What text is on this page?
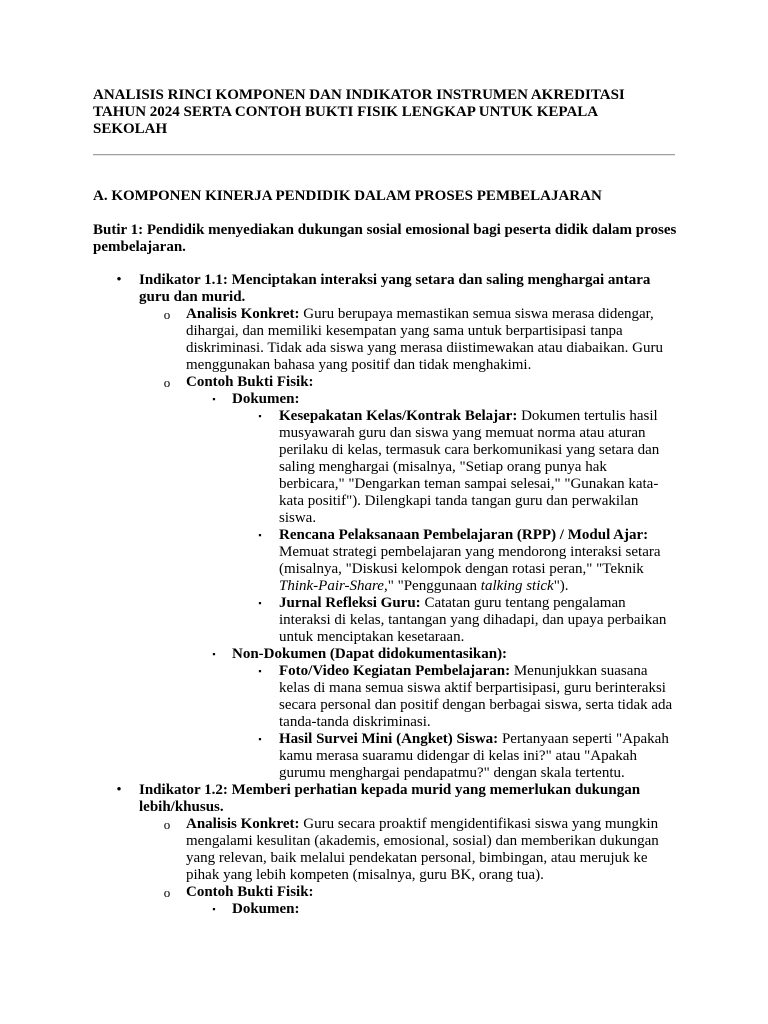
ANALISIS RINCI KOMPONEN DAN INDIKATOR INSTRUMEN AKREDITASI
TAHUN 2024 SERTA CONTOH BUKTI FISIK LENGKAP UNTUK KEPALA
SEKOLAH
A. KOMPONEN KINERJA PENDIDIK DALAM PROSES PEMBELAJARAN
Butir 1: Pendidik menyediakan dukungan sosial emosional bagi peserta didik dalam proses pembelajaran.
• Indikator 1.1: Menciptakan interaksi yang setara dan saling menghargai antara guru dan murid.
o Analisis Konkret: Guru berupaya memastikan semua siswa merasa didengar, dihargai, dan memiliki kesempatan yang sama untuk berpartisipasi tanpa diskriminasi. Tidak ada siswa yang merasa diistimewakan atau diabaikan. Guru menggunakan bahasa yang positif dan tidak menghakimi.
o Contoh Bukti Fisik:
▪ Dokumen:
▪ Kesepakatan Kelas/Kontrak Belajar: Dokumen tertulis hasil musyawarah guru dan siswa yang memuat norma atau aturan perilaku di kelas, termasuk cara berkomunikasi yang setara dan saling menghargai (misalnya, "Setiap orang punya hak berbicara," "Dengarkan teman sampai selesai," "Gunakan kata-kata positif"). Dilengkapi tanda tangan guru dan perwakilan siswa.
▪ Rencana Pelaksanaan Pembelajaran (RPP) / Modul Ajar: Memuat strategi pembelajaran yang mendorong interaksi setara (misalnya, "Diskusi kelompok dengan rotasi peran," "Teknik Think-Pair-Share," "Penggunaan talking stick").
▪ Jurnal Refleksi Guru: Catatan guru tentang pengalaman interaksi di kelas, tantangan yang dihadapi, dan upaya perbaikan untuk menciptakan kesetaraan.
▪ Non-Dokumen (Dapat didokumentasikan):
▪ Foto/Video Kegiatan Pembelajaran: Menunjukkan suasana kelas di mana semua siswa aktif berpartisipasi, guru berinteraksi secara personal dan positif dengan berbagai siswa, serta tidak ada tanda-tanda diskriminasi.
▪ Hasil Survei Mini (Angket) Siswa: Pertanyaan seperti "Apakah kamu merasa suaramu didengar di kelas ini?" atau "Apakah gurumu menghargai pendapatmu?" dengan skala tertentu.
• Indikator 1.2: Memberi perhatian kepada murid yang memerlukan dukungan lebih/khusus.
o Analisis Konkret: Guru secara proaktif mengidentifikasi siswa yang mungkin mengalami kesulitan (akademis, emosional, sosial) dan memberikan dukungan yang relevan, baik melalui pendekatan personal, bimbingan, atau merujuk ke pihak yang lebih kompeten (misalnya, guru BK, orang tua).
o Contoh Bukti Fisik:
▪ Dokumen:
